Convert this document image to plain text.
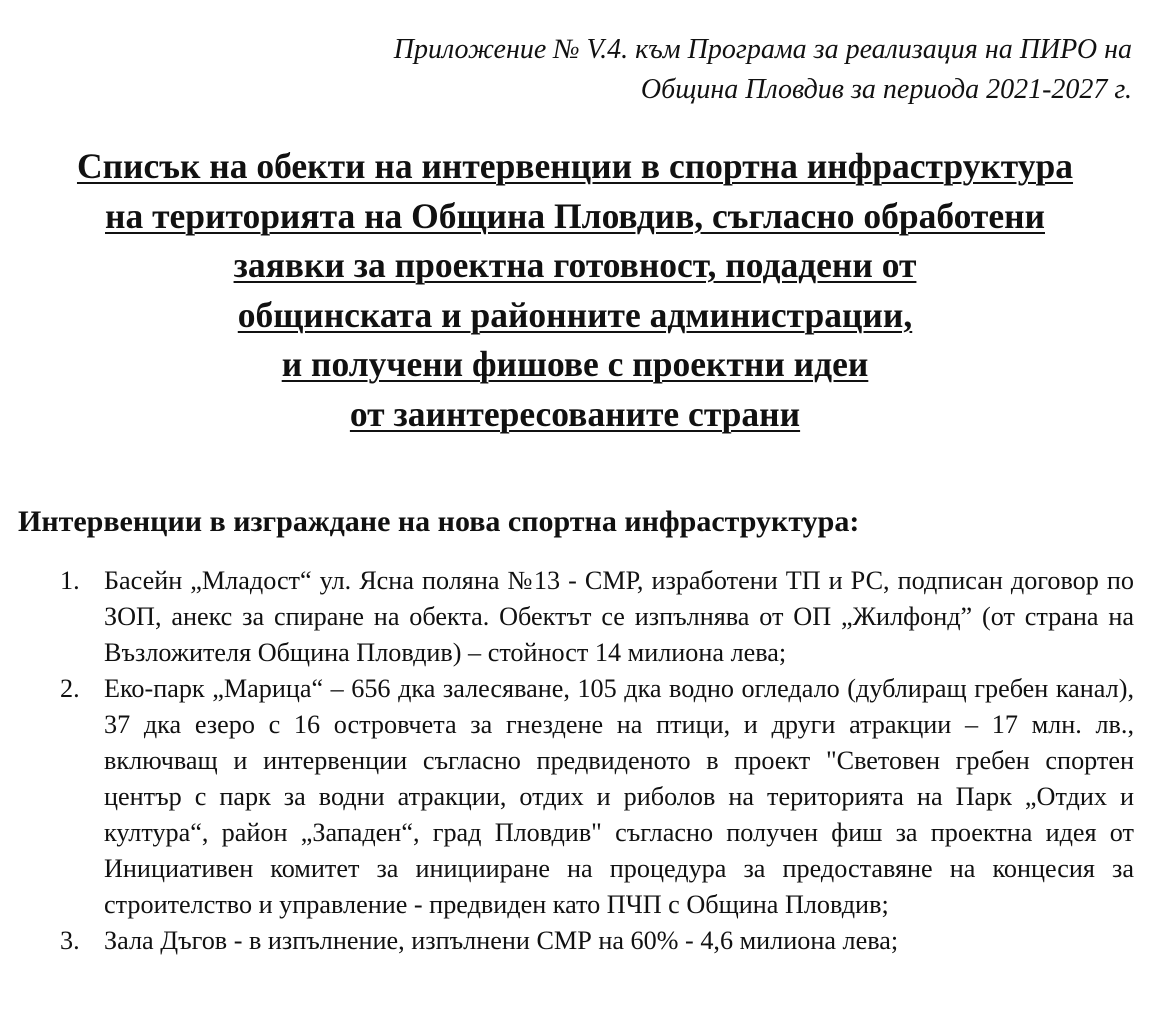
Приложение № V.4. към Програма за реализация на ПИРО на
Община Пловдив за периода 2021-2027 г.
Списък на обекти на интервенции в спортна инфраструктура
на територията на Община Пловдив, съгласно обработени
заявки за проектна готовност, подадени от
общинската и районните администрации,
и получени фишове с проектни идеи
от заинтересованите страни
Интервенции в изграждане на нова спортна инфраструктура:
1. Басейн „Младост“ ул. Ясна поляна №13 - СМР, изработени ТП и РС, подписан договор по ЗОП, анекс за спиране на обекта. Обектът се изпълнява от ОП „Жилфонд” (от страна на Възложителя Община Пловдив) – стойност 14 милиона лева;
2. Еко-парк „Марица“ – 656 дка залесяване, 105 дка водно огледало (дублиращ гребен канал), 37 дка езеро с 16 островчета за гнездене на птици, и други атракции – 17 млн. лв., включващ и интервенции съгласно предвиденото в проект "Световен гребен спортен център с парк за водни атракции, отдих и риболов на територията на Парк „Отдих и култура“, район „Западен“, град Пловдив" съгласно получен фиш за проектна идея от Инициативен комитет за иницииране на процедура за предоставяне на концесия за строителство и управление - предвиден като ПЧП с Община Пловдив;
3. Зала Дъгов - в изпълнение, изпълнени СМР на 60% - 4,6 милиона лева;
